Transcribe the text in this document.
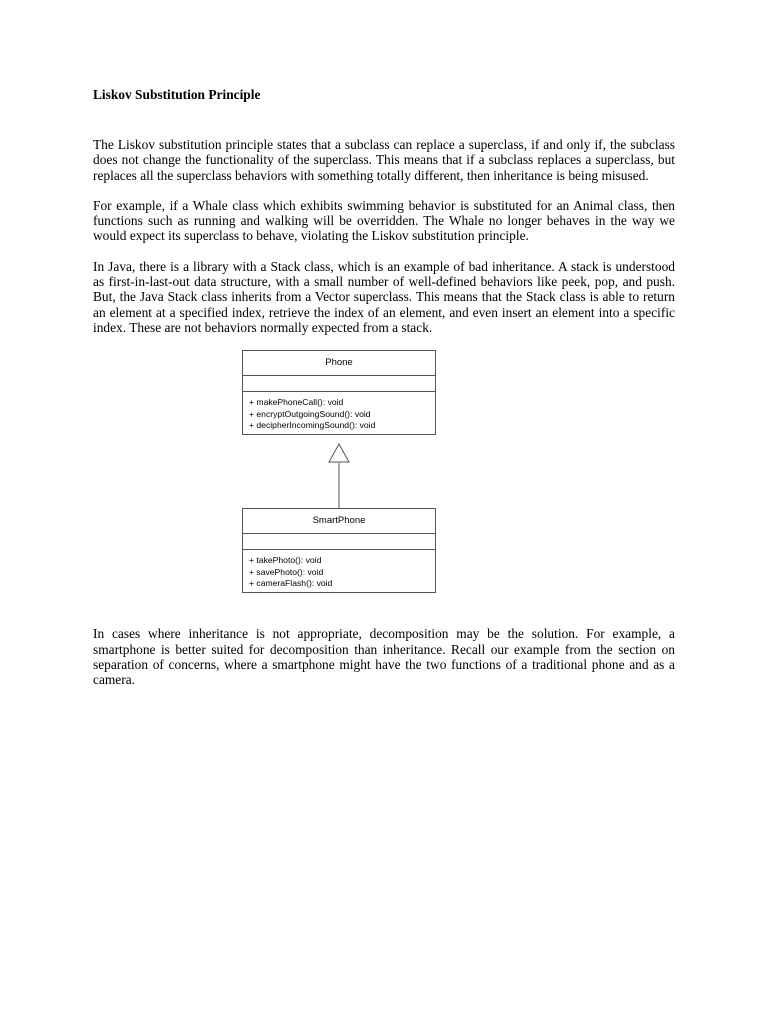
Liskov Substitution Principle

The Liskov substitution principle states that a subclass can replace a superclass, if and only if, the subclass does not change the functionality of the superclass. This means that if a subclass replaces a superclass, but replaces all the superclass behaviors with something totally different, then inheritance is being misused.

For example, if a Whale class which exhibits swimming behavior is substituted for an Animal class, then functions such as running and walking will be overridden. The Whale no longer behaves in the way we would expect its superclass to behave, violating the Liskov substitution principle.

In Java, there is a library with a Stack class, which is an example of bad inheritance. A stack is understood as first-in-last-out data structure, with a small number of well-defined behaviors like peek, pop, and push. But, the Java Stack class inherits from a Vector superclass. This means that the Stack class is able to return an element at a specified index, retrieve the index of an element, and even insert an element into a specific index. These are not behaviors normally expected from a stack.

Phone
+ makePhoneCall(): void
+ encryptOutgoingSound(): void
+ decipherIncomingSound(): void
SmartPhone
+ takePhoto(): void
+ savePhoto(): void
+ cameraFlash(): void

In cases where inheritance is not appropriate, decomposition may be the solution. For example, a smartphone is better suited for decomposition than inheritance. Recall our example from the section on separation of concerns, where a smartphone might have the two functions of a traditional phone and as a camera.
